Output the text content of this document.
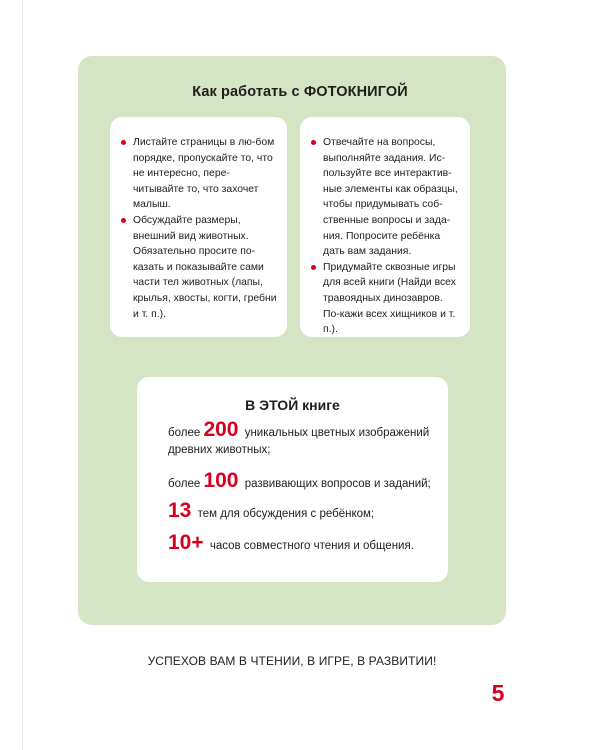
Как работать с ФОТОКНИГОЙ
Листайте страницы в лю-бом порядке, пропускайте то, что не интересно, пере-читывайте то, что захочет малыш.
Обсуждайте размеры, внешний вид животных. Обязательно просите по-казать и показывайте сами части тел животных (лапы, крылья, хвосты, когти, гребни и т. п.).
Отвечайте на вопросы, выполняйте задания. Ис-пользуйте все интерактив-ные элементы как образцы, чтобы придумывать соб-ственные вопросы и зада-ния. Попросите ребёнка дать вам задания.
Придумайте сквозные игры для всей книги (Найди всех травоядных динозавров. По-кажи всех хищников и т. п.).
В ЭТОЙ книге
более 200 уникальных цветных изображений древних животных;
более 100 развивающих вопросов и заданий;
13 тем для обсуждения с ребёнком;
10+ часов совместного чтения и общения.
УСПЕХОВ ВАМ В ЧТЕНИИ, В ИГРЕ, В РАЗВИТИИ!
5
